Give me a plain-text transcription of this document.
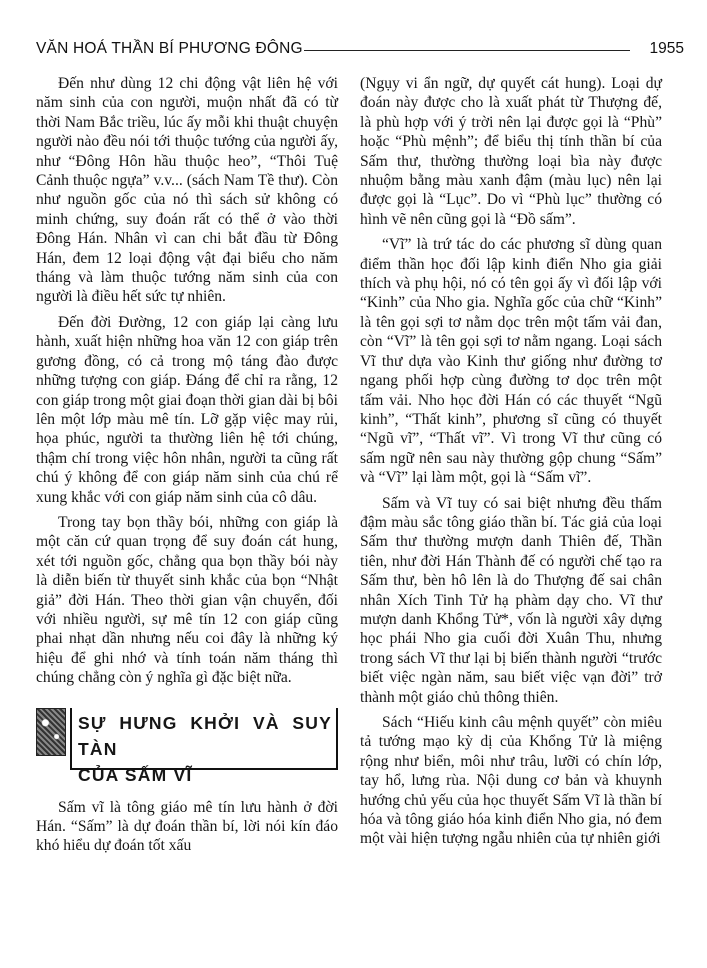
VĂN HOÁ THẦN BÍ PHƯƠNG ĐÔNG	1955

Đến như dùng 12 chi động vật liên hệ với năm sinh của con người, muộn nhất đã có từ thời Nam Bắc triều, lúc ấy mỗi khi thuật chuyện người nào đều nói tới thuộc tướng của người ấy, như “Đông Hôn hầu thuộc heo”, “Thôi Tuệ Cảnh thuộc ngựa” v.v... (sách Nam Tề thư). Còn như nguồn gốc của nó thì sách sử không có minh chứng, suy đoán rất có thể ở vào thời Đông Hán. Nhân vì can chi bắt đầu từ Đông Hán, đem 12 loại động vật đại biểu cho năm tháng và làm thuộc tướng năm sinh của con người là điều hết sức tự nhiên.

Đến đời Đường, 12 con giáp lại càng lưu hành, xuất hiện những hoa văn 12 con giáp trên gương đồng, có cả trong mộ táng đào được những tượng con giáp. Đáng để chỉ ra rằng, 12 con giáp trong một giai đoạn thời gian dài bị bôi lên một lớp màu mê tín. Lỡ gặp việc may rủi, họa phúc, người ta thường liên hệ tới chúng, thậm chí trong việc hôn nhân, người ta cũng rất chú ý không để con giáp năm sinh của chú rể xung khắc với con giáp năm sinh của cô dâu.

Trong tay bọn thầy bói, những con giáp là một căn cứ quan trọng để suy đoán cát hung, xét tới nguồn gốc, chẳng qua bọn thầy bói này là diễn biến từ thuyết sinh khắc của bọn “Nhật giả” đời Hán. Theo thời gian vận chuyển, đối với nhiều người, sự mê tín 12 con giáp cũng phai nhạt dần nhưng nếu coi đây là những ký hiệu để ghi nhớ và tính toán năm tháng thì chúng chẳng còn ý nghĩa gì đặc biệt nữa.

SỰ HƯNG KHỞI VÀ SUY TÀN
CỦA SẤM VĨ

Sấm vĩ là tông giáo mê tín lưu hành ở đời Hán. “Sấm” là dự đoán thần bí, lời nói kín đáo khó hiểu dự đoán tốt xấu

(Ngụy vi ẩn ngữ, dự quyết cát hung). Loại dự đoán này được cho là xuất phát từ Thượng đế, là phù hợp với ý trời nên lại được gọi là “Phù” hoặc “Phù mệnh”; để biểu thị tính thần bí của Sấm thư, thường thường loại bìa này được nhuộm bằng màu xanh đậm (màu lục) nên lại được gọi là “Lục”. Do vì “Phù lục” thường có hình vẽ nên cũng gọi là “Đồ sấm”.

“Vĩ” là trứ tác do các phương sĩ dùng quan điểm thần học đối lập kinh điển Nho gia giải thích và phụ hội, nó có tên gọi ấy vì đối lập với “Kinh” của Nho gia. Nghĩa gốc của chữ “Kinh” là tên gọi sợi tơ nằm dọc trên một tấm vải đan, còn “Vĩ” là tên gọi sợi tơ nằm ngang. Loại sách Vĩ thư dựa vào Kinh thư giống như đường tơ ngang phối hợp cùng đường tơ dọc trên một tấm vải. Nho học đời Hán có các thuyết “Ngũ kinh”, “Thất kinh”, phương sĩ cũng có thuyết “Ngũ vĩ”, “Thất vĩ”. Vì trong Vĩ thư cũng có sấm ngữ nên sau này thường gộp chung “Sấm” và “Vĩ” lại làm một, gọi là “Sấm vĩ”.

Sấm và Vĩ tuy có sai biệt nhưng đều thấm đậm màu sắc tông giáo thần bí. Tác giả của loại Sấm thư thường mượn danh Thiên đế, Thần tiên, như đời Hán Thành đế có người chế tạo ra Sấm thư, bèn hô lên là do Thượng đế sai chân nhân Xích Tinh Tử hạ phàm dạy cho. Vĩ thư mượn danh Khổng Tử*, vốn là người xây dựng học phái Nho gia cuối đời Xuân Thu, nhưng trong sách Vĩ thư lại bị biến thành người “trước biết việc ngàn năm, sau biết việc vạn đời” trở thành một giáo chủ thông thiên.

Sách “Hiếu kinh câu mệnh quyết” còn miêu tả tướng mạo kỳ dị của Khổng Tử là miệng rộng như biển, môi như trâu, lưỡi có chín lớp, tay hổ, lưng rùa. Nội dung cơ bản và khuynh hướng chủ yếu của học thuyết Sấm Vĩ là thần bí hóa và tông giáo hóa kinh điển Nho gia, nó đem một vài hiện tượng ngẫu nhiên của tự nhiên giới
